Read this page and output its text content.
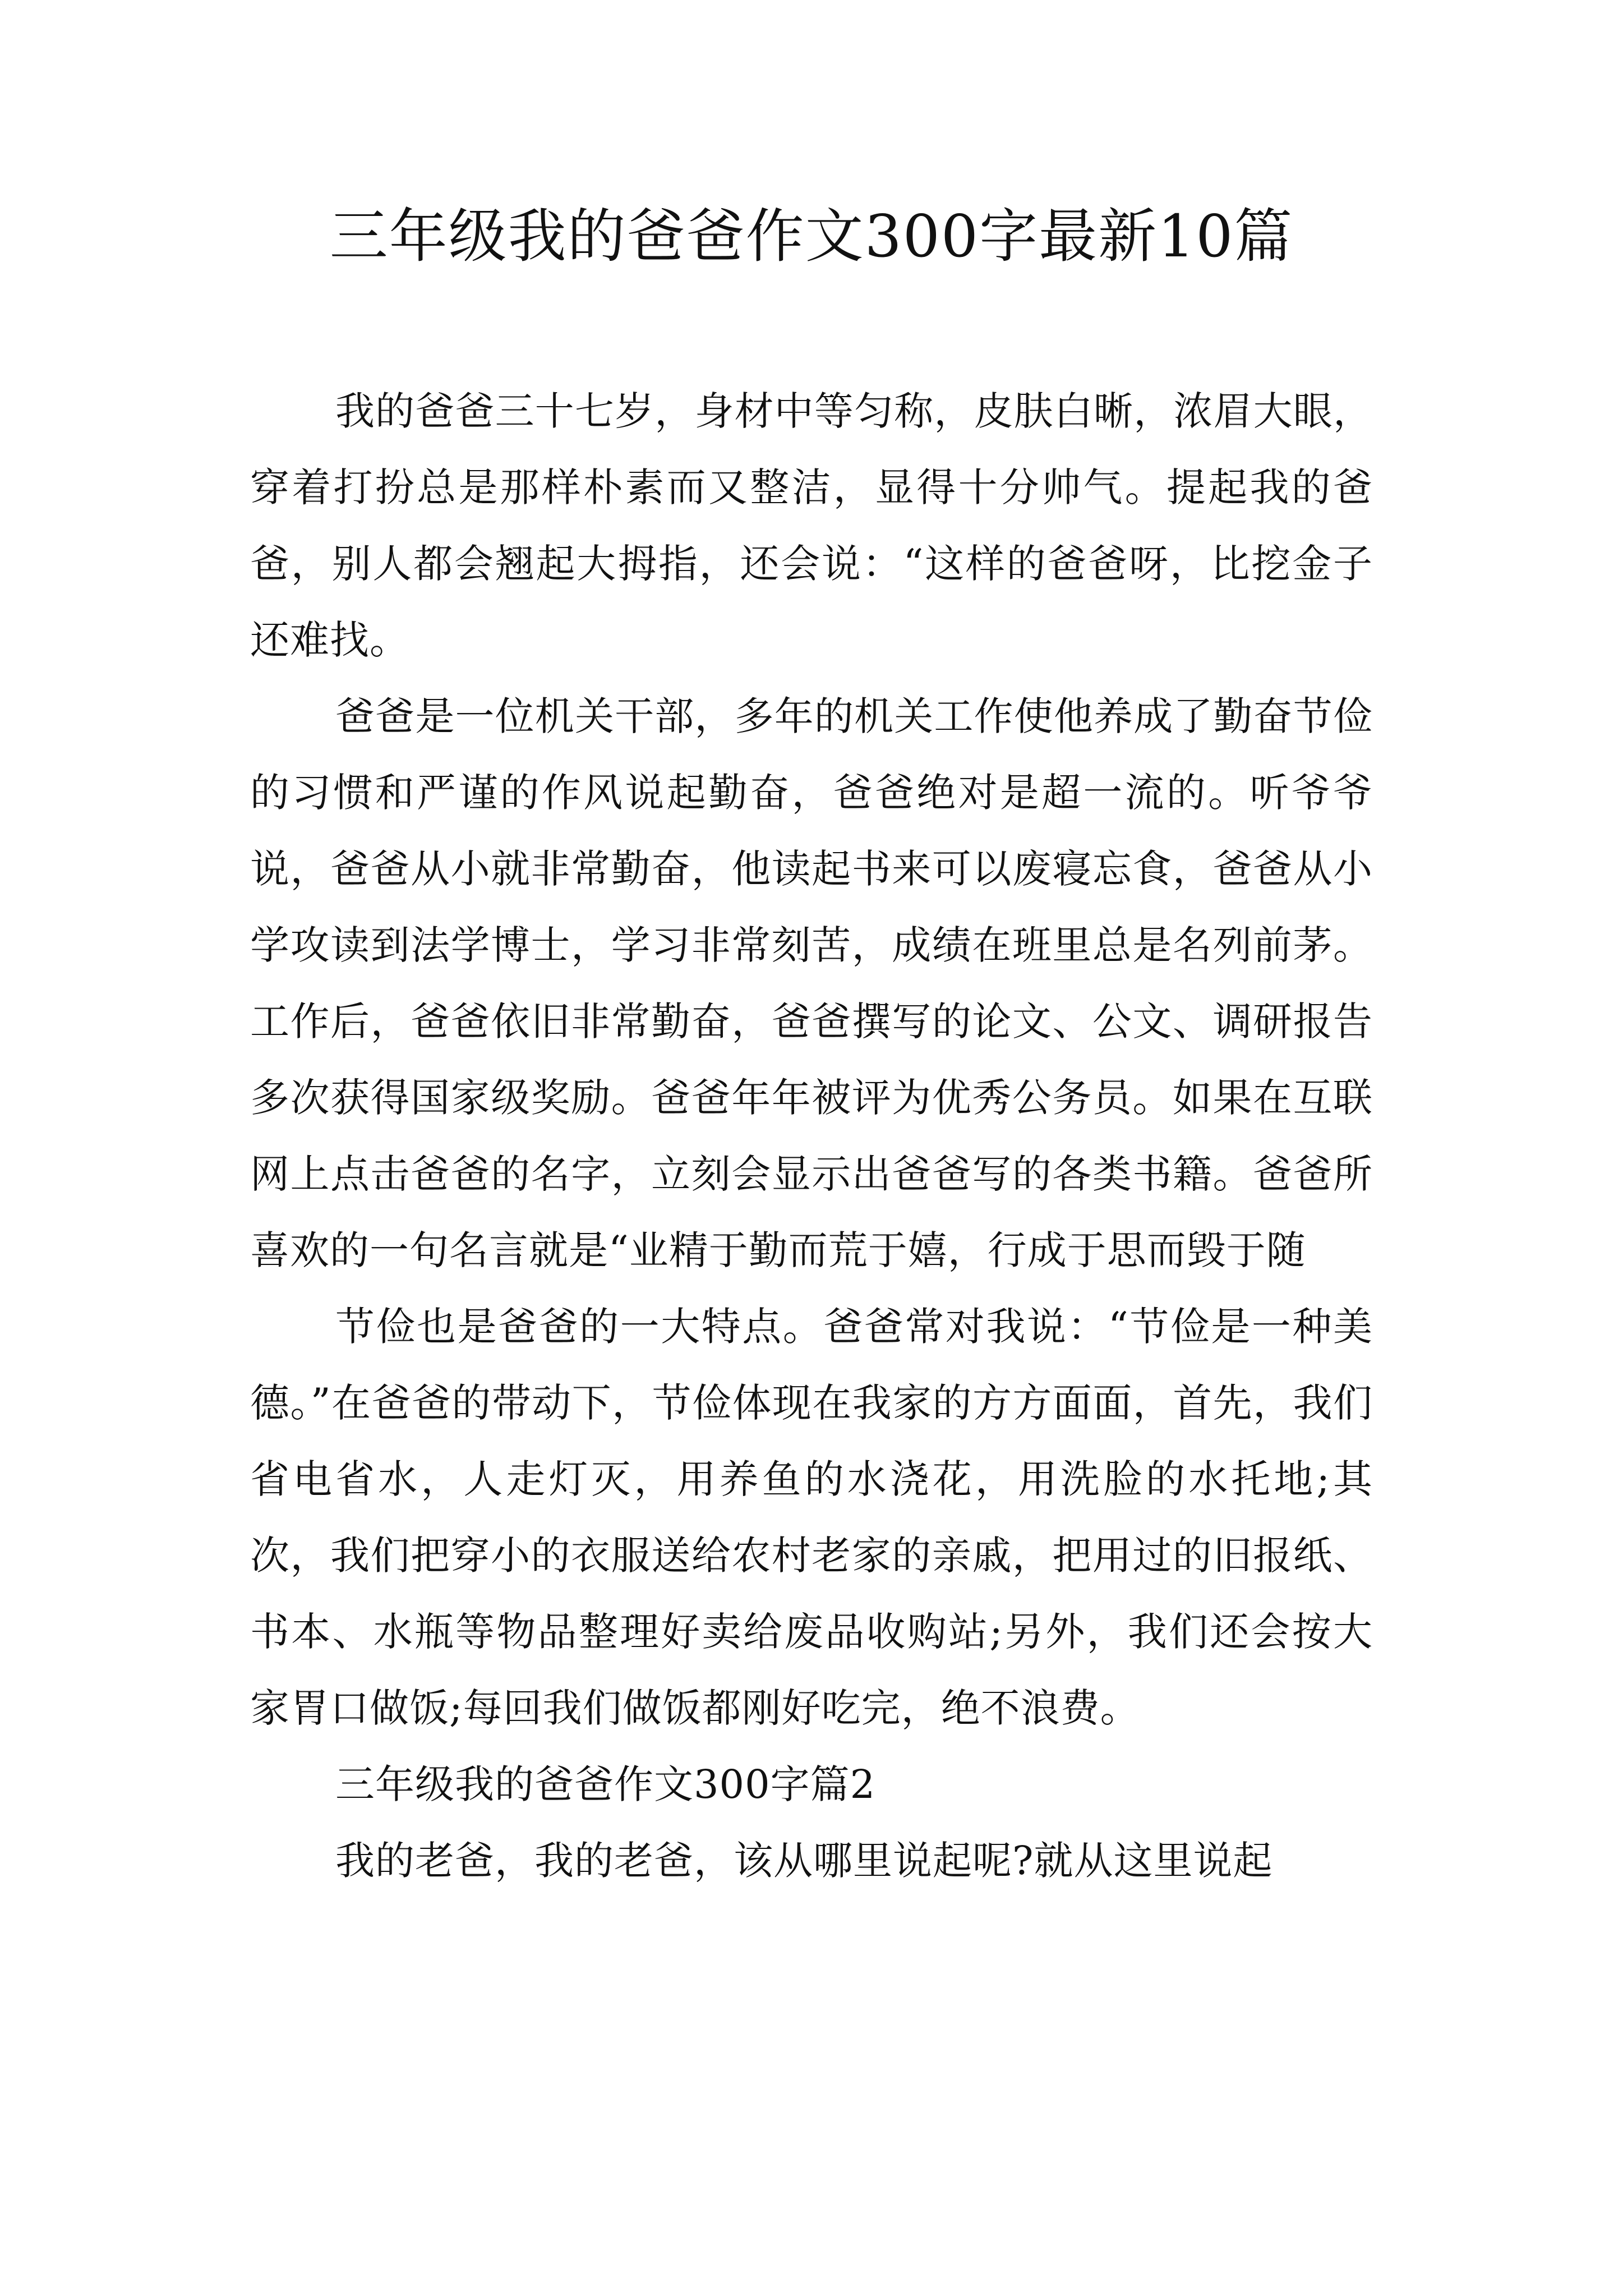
三年级我的爸爸作文300字最新10篇

我的爸爸三十七岁，身材中等匀称，皮肤白晰，浓眉大眼，穿着打扮总是那样朴素而又整洁，显得十分帅气。提起我的爸爸，别人都会翘起大拇指，还会说：“这样的爸爸呀，比挖金子还难找。

爸爸是一位机关干部，多年的机关工作使他养成了勤奋节俭的习惯和严谨的作风说起勤奋，爸爸绝对是超一流的。听爷爷说，爸爸从小就非常勤奋，他读起书来可以废寝忘食，爸爸从小学攻读到法学博士，学习非常刻苦，成绩在班里总是名列前茅。工作后，爸爸依旧非常勤奋，爸爸撰写的论文、公文、调研报告多次获得国家级奖励。爸爸年年被评为优秀公务员。如果在互联网上点击爸爸的名字，立刻会显示出爸爸写的各类书籍。爸爸所喜欢的一句名言就是“业精于勤而荒于嬉，行成于思而毁于随

节俭也是爸爸的一大特点。爸爸常对我说：“节俭是一种美德。”在爸爸的带动下，节俭体现在我家的方方面面，首先，我们省电省水，人走灯灭，用养鱼的水浇花，用洗脸的水托地;其次，我们把穿小的衣服送给农村老家的亲戚，把用过的旧报纸、书本、水瓶等物品整理好卖给废品收购站;另外，我们还会按大家胃口做饭;每回我们做饭都刚好吃完，绝不浪费。

三年级我的爸爸作文300字篇2

我的老爸，我的老爸，该从哪里说起呢?就从这里说起
